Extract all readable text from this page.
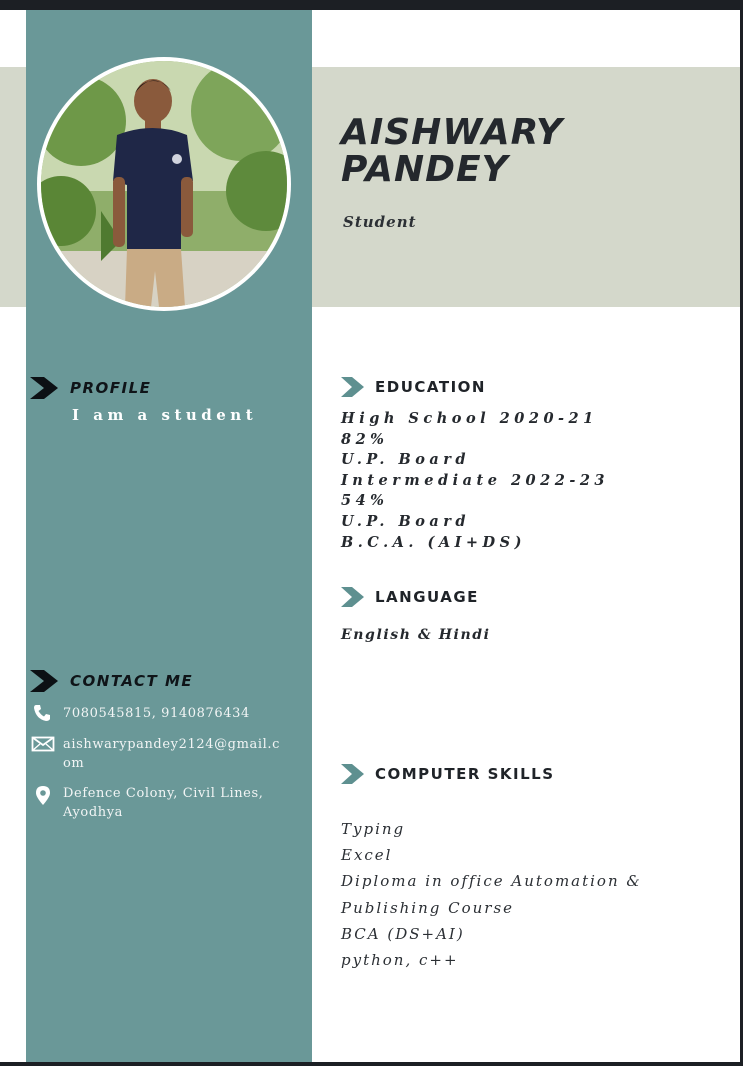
AISHWARY
PANDEY
Student
PROFILE
I am a student
CONTACT ME
7080545815, 9140876434
aishwarypandey2124@gmail.com
Defence Colony, Civil Lines, Ayodhya
EDUCATION
High School 2020-21
82%
U.P. Board
Intermediate 2022-23
54%
U.P. Board
B.C.A. (AI+DS)
LANGUAGE
English & Hindi
COMPUTER SKILLS
Typing
Excel
Diploma in office Automation &
Publishing Course
BCA (DS+AI)
python, c++
